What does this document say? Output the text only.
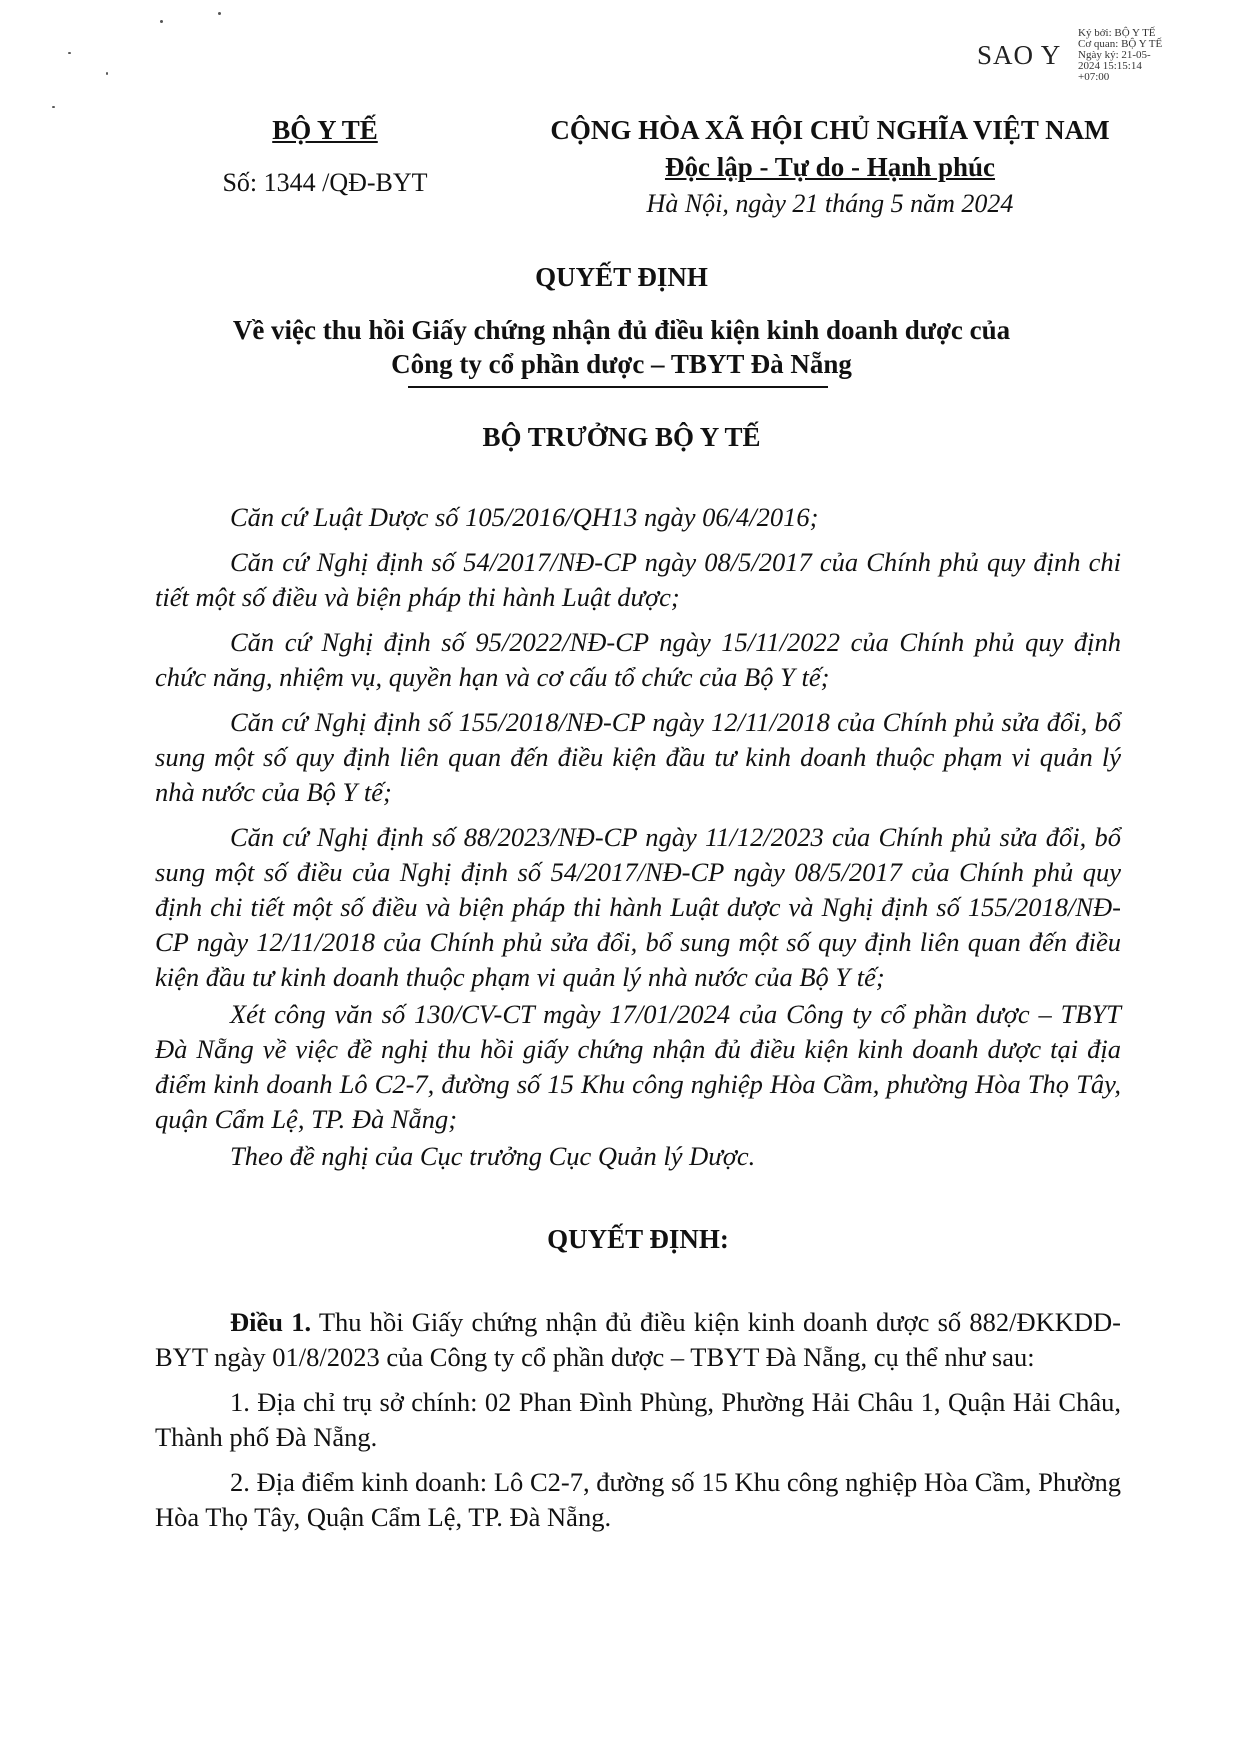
SAO Y
Ký bởi: BỘ Y TẾ
Cơ quan: BỘ Y TẾ
Ngày ký: 21-05-
2024 15:15:14
+07:00
BỘ Y TẾ
Số: 1344 /QĐ-BYT
CỘNG HÒA XÃ HỘI CHỦ NGHĨA VIỆT NAM
Độc lập - Tự do - Hạnh phúc
Hà Nội, ngày 21 tháng 5 năm 2024
QUYẾT ĐỊNH
Về việc thu hồi Giấy chứng nhận đủ điều kiện kinh doanh dược của
Công ty cổ phần dược – TBYT Đà Nẵng
BỘ TRƯỞNG BỘ Y TẾ

Căn cứ Luật Dược số 105/2016/QH13 ngày 06/4/2016;

Căn cứ Nghị định số 54/2017/NĐ-CP ngày 08/5/2017 của Chính phủ quy định chi tiết một số điều và biện pháp thi hành Luật dược;

Căn cứ Nghị định số 95/2022/NĐ-CP ngày 15/11/2022 của Chính phủ quy định chức năng, nhiệm vụ, quyền hạn và cơ cấu tổ chức của Bộ Y tế;

Căn cứ Nghị định số 155/2018/NĐ-CP ngày 12/11/2018 của Chính phủ sửa đổi, bổ sung một số quy định liên quan đến điều kiện đầu tư kinh doanh thuộc phạm vi quản lý nhà nước của Bộ Y tế;

Căn cứ Nghị định số 88/2023/NĐ-CP ngày 11/12/2023 của Chính phủ sửa đổi, bổ sung một số điều của Nghị định số 54/2017/NĐ-CP ngày 08/5/2017 của Chính phủ quy định chi tiết một số điều và biện pháp thi hành Luật dược và Nghị định số 155/2018/NĐ-CP ngày 12/11/2018 của Chính phủ sửa đổi, bổ sung một số quy định liên quan đến điều kiện đầu tư kinh doanh thuộc phạm vi quản lý nhà nước của Bộ Y tế;

Xét công văn số 130/CV-CT mgày 17/01/2024 của Công ty cổ phần dược – TBYT Đà Nẵng về việc đề nghị thu hồi giấy chứng nhận đủ điều kiện kinh doanh dược tại địa điểm kinh doanh Lô C2-7, đường số 15 Khu công nghiệp Hòa Cầm, phường Hòa Thọ Tây, quận Cẩm Lệ, TP. Đà Nẵng;

Theo đề nghị của Cục trưởng Cục Quản lý Dược.

QUYẾT ĐỊNH:

Điều 1. Thu hồi Giấy chứng nhận đủ điều kiện kinh doanh dược số 882/ĐKKDD-BYT ngày 01/8/2023 của Công ty cổ phần dược – TBYT Đà Nẵng, cụ thể như sau:

1. Địa chỉ trụ sở chính: 02 Phan Đình Phùng, Phường Hải Châu 1, Quận Hải Châu, Thành phố Đà Nẵng.

2. Địa điểm kinh doanh: Lô C2-7, đường số 15 Khu công nghiệp Hòa Cầm, Phường Hòa Thọ Tây, Quận Cẩm Lệ, TP. Đà Nẵng.
